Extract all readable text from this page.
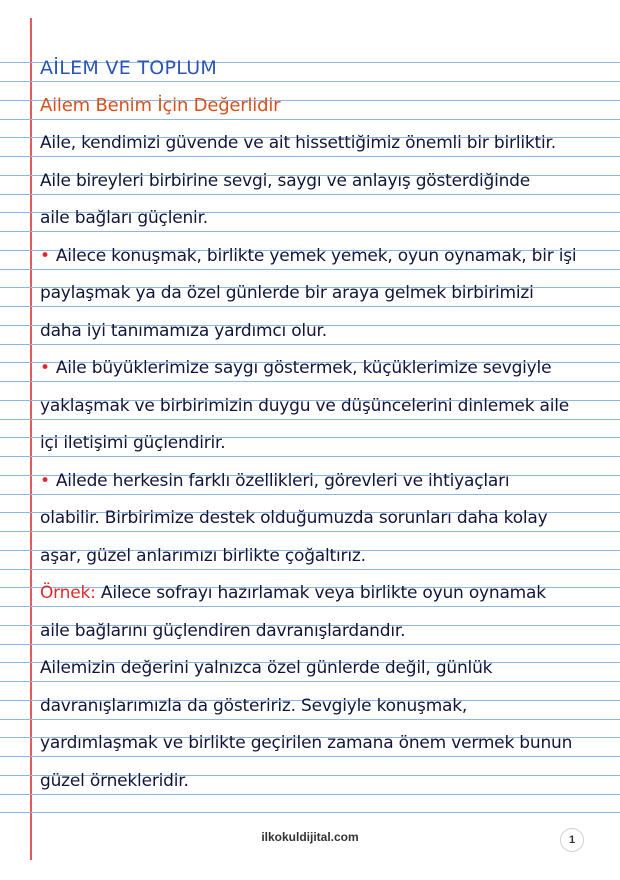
AİLEM VE TOPLUM
Ailem Benim İçin Değerlidir
Aile, kendimizi güvende ve ait hissettiğimiz önemli bir birliktir.
Aile bireyleri birbirine sevgi, saygı ve anlayış gösterdiğinde
aile bağları güçlenir.
• Ailece konuşmak, birlikte yemek yemek, oyun oynamak, bir işi
paylaşmak ya da özel günlerde bir araya gelmek birbirimizi
daha iyi tanımamıza yardımcı olur.
• Aile büyüklerimize saygı göstermek, küçüklerimize sevgiyle
yaklaşmak ve birbirimizin duygu ve düşüncelerini dinlemek aile
içi iletişimi güçlendirir.
• Ailede herkesin farklı özellikleri, görevleri ve ihtiyaçları
olabilir. Birbirimize destek olduğumuzda sorunları daha kolay
aşar, güzel anlarımızı birlikte çoğaltırız.
Örnek: Ailece sofrayı hazırlamak veya birlikte oyun oynamak
aile bağlarını güçlendiren davranışlardandır.
Ailemizin değerini yalnızca özel günlerde değil, günlük
davranışlarımızla da gösteririz. Sevgiyle konuşmak,
yardımlaşmak ve birlikte geçirilen zamana önem vermek bunun
güzel örnekleridir.
ilkokuldijital.com	1
